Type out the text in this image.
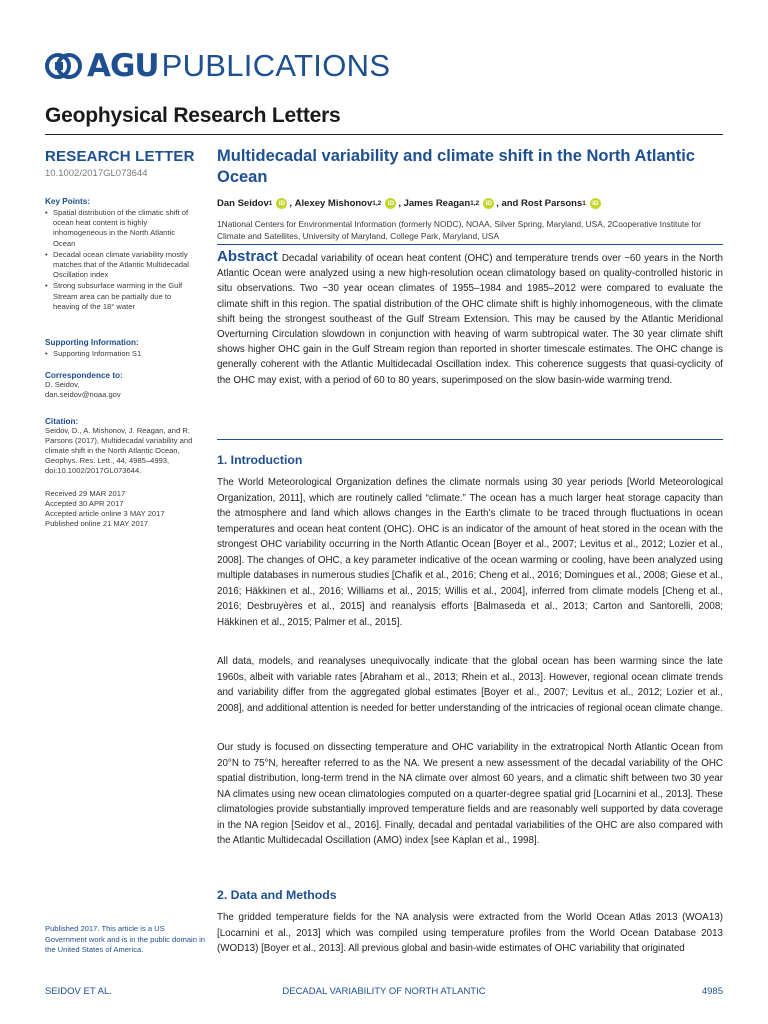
AGU PUBLICATIONS
Geophysical Research Letters
RESEARCH LETTER
10.1002/2017GL073644
Key Points:
• Spatial distribution of the climatic shift of ocean heat content is highly inhomogeneous in the North Atlantic Ocean
• Decadal ocean climate variability mostly matches that of the Atlantic Multidecadal Oscillation index
• Strong subsurface warming in the Gulf Stream area can be partially due to heaving of the 18° water
Supporting Information:
• Supporting Information S1
Correspondence to:
D. Seidov,
dan.seidov@noaa.gov
Citation:
Seidov, D., A. Mishonov, J. Reagan, and R. Parsons (2017), Multidecadal variability and climate shift in the North Atlantic Ocean, Geophys. Res. Lett., 44, 4985–4993, doi:10.1002/2017GL073644.
Received 29 MAR 2017
Accepted 30 APR 2017
Accepted article online 3 MAY 2017
Published online 21 MAY 2017
Published 2017. This article is a US Government work and is in the public domain in the United States of America.
Multidecadal variability and climate shift in the North Atlantic Ocean
Dan Seidov 1 iD ,
Alexey Mishonov 1,2 iD ,
James Reagan 1,2 iD , and
Rost Parsons 1 iD
1National Centers for Environmental Information (formerly NODC), NOAA, Silver Spring, Maryland, USA, 2Cooperative Institute for Climate and Satellites, University of Maryland, College Park, Maryland, USA
Abstract Decadal variability of ocean heat content (OHC) and temperature trends over ~60 years in the North Atlantic Ocean were analyzed using a new high-resolution ocean climatology based on quality-controlled historic in situ observations. Two ~30 year ocean climates of 1955–1984 and 1985–2012 were compared to evaluate the climate shift in this region. The spatial distribution of the OHC climate shift is highly inhomogeneous, with the climate shift being the strongest southeast of the Gulf Stream Extension. This may be caused by the Atlantic Meridional Overturning Circulation slowdown in conjunction with heaving of warm subtropical water. The 30 year climate shift shows higher OHC gain in the Gulf Stream region than reported in shorter timescale estimates. The OHC change is generally coherent with the Atlantic Multidecadal Oscillation index. This coherence suggests that quasi-cyclicity of the OHC may exist, with a period of 60 to 80 years, superimposed on the slow basin-wide warming trend.
1. Introduction
The World Meteorological Organization defines the climate normals using 30 year periods [World Meteorological Organization, 2011], which are routinely called “climate.” The ocean has a much larger heat storage capacity than the atmosphere and land which allows changes in the Earth’s climate to be traced through fluctuations in ocean temperatures and ocean heat content (OHC). OHC is an indicator of the amount of heat stored in the ocean with the strongest OHC variability occurring in the North Atlantic Ocean [Boyer et al., 2007; Levitus et al., 2012; Lozier et al., 2008]. The changes of OHC, a key parameter indicative of the ocean warming or cooling, have been analyzed using multiple databases in numerous studies [Chafik et al., 2016; Cheng et al., 2016; Domingues et al., 2008; Giese et al., 2016; Häkkinen et al., 2016; Williams et al., 2015; Willis et al., 2004], inferred from climate models [Cheng et al., 2016; Desbruyères et al., 2015] and reanalysis efforts [Balmaseda et al., 2013; Carton and Santorelli, 2008; Häkkinen et al., 2015; Palmer et al., 2015].
All data, models, and reanalyses unequivocally indicate that the global ocean has been warming since the late 1960s, albeit with variable rates [Abraham et al., 2013; Rhein et al., 2013]. However, regional ocean climate trends and variability differ from the aggregated global estimates [Boyer et al., 2007; Levitus et al., 2012; Lozier et al., 2008], and additional attention is needed for better understanding of the intricacies of regional ocean climate change.
Our study is focused on dissecting temperature and OHC variability in the extratropical North Atlantic Ocean from 20°N to 75°N, hereafter referred to as the NA. We present a new assessment of the decadal variability of the OHC spatial distribution, long-term trend in the NA climate over almost 60 years, and a climatic shift between two 30 year NA climates using new ocean climatologies computed on a quarter-degree spatial grid [Locarnini et al., 2013]. These climatologies provide substantially improved temperature fields and are reasonably well supported by data coverage in the NA region [Seidov et al., 2016]. Finally, decadal and pentadal variabilities of the OHC are also compared with the Atlantic Multidecadal Oscillation (AMO) index [see Kaplan et al., 1998].
2. Data and Methods
The gridded temperature fields for the NA analysis were extracted from the World Ocean Atlas 2013 (WOA13) [Locarnini et al., 2013] which was compiled using temperature profiles from the World Ocean Database 2013 (WOD13) [Boyer et al., 2013]. All previous global and basin-wide estimates of OHC variability that originated
SEIDOV ET AL.	DECADAL VARIABILITY OF NORTH ATLANTIC	4985
